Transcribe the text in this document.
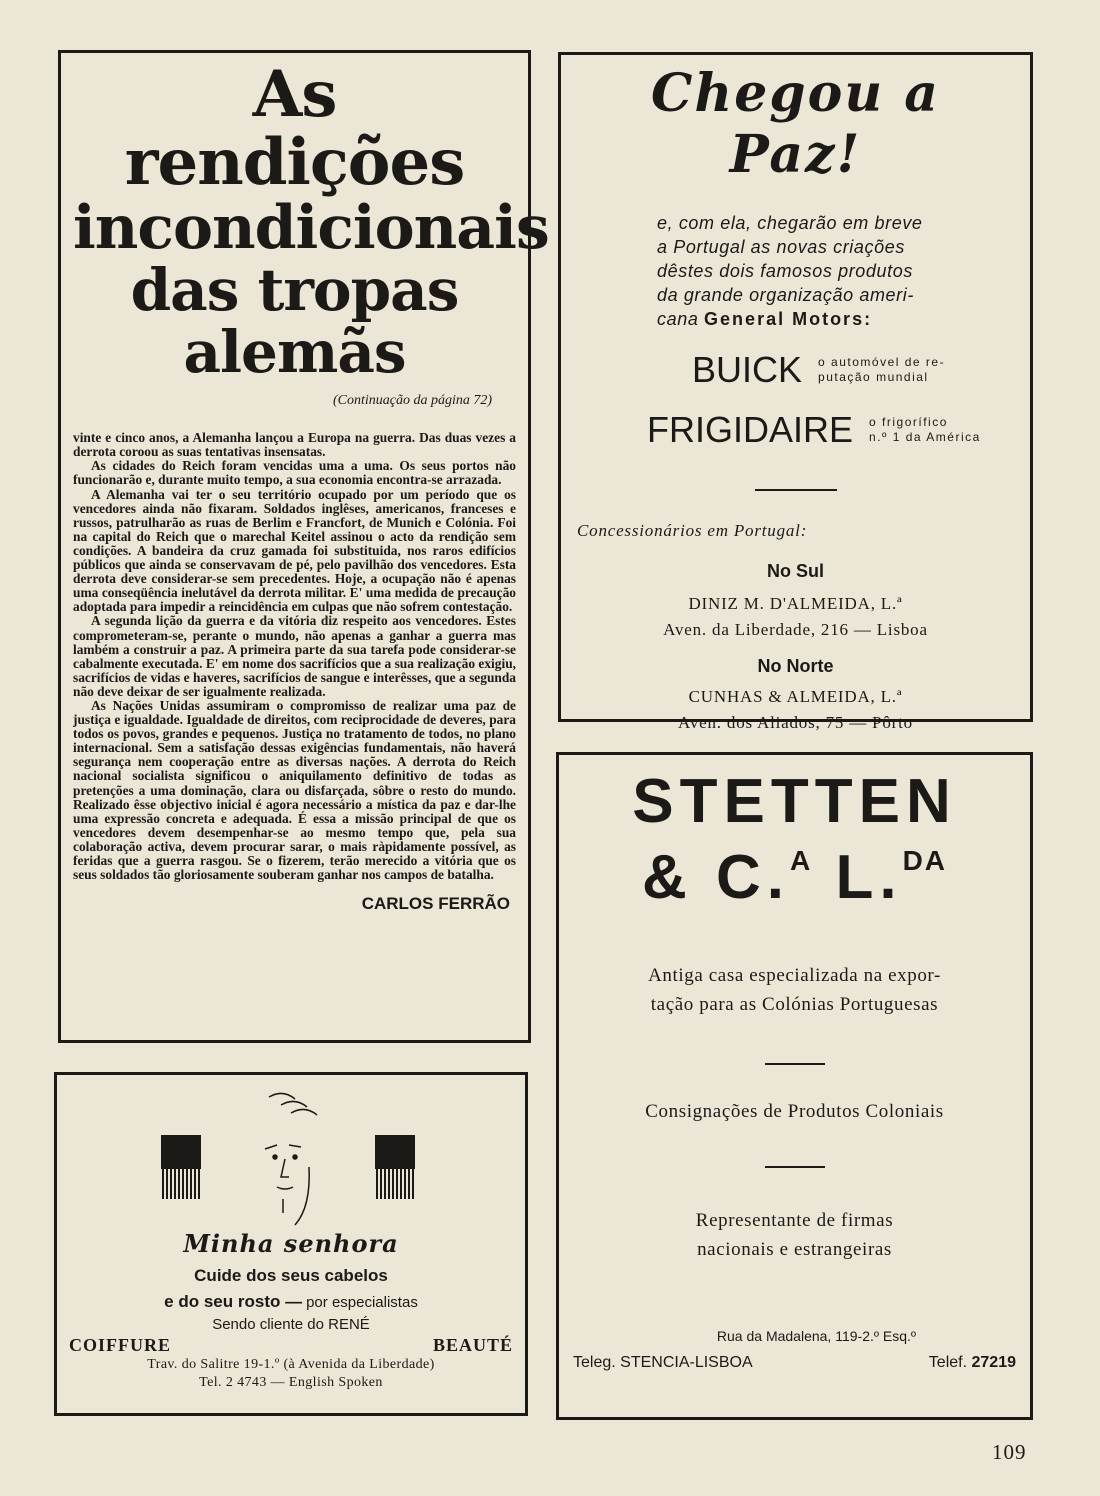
As rendições
incondicionais
das tropas alemãs
(Continuação da página 72)

vinte e cinco anos, a Alemanha lançou a Europa na guerra. Das duas vezes a derrota coroou as suas tentativas insensatas.

As cidades do Reich foram vencidas uma a uma. Os seus portos não funcionarão e, durante muito tempo, a sua economia encontra-se arrazada.

A Alemanha vai ter o seu território ocupado por um período que os vencedores ainda não fixaram. Soldados inglêses, americanos, franceses e russos, patrulharão as ruas de Berlim e Francfort, de Munich e Colónia. Foi na capital do Reich que o marechal Keitel assinou o acto da rendição sem condições. A bandeira da cruz gamada foi substituida, nos raros edifícios públicos que ainda se conservavam de pé, pelo pavilhão dos vencedores. Esta derrota deve considerar-se sem precedentes. Hoje, a ocupação não é apenas uma conseqüência inelutável da derrota militar. E' uma medida de precaução adoptada para impedir a reincidência em culpas que não sofrem contestação.

A segunda lição da guerra e da vitória diz respeito aos vencedores. Estes comprometeram-se, perante o mundo, não apenas a ganhar a guerra mas lambém a construir a paz. A primeira parte da sua tarefa pode considerar-se cabalmente executada. E' em nome dos sacrifícios que a sua realização exigiu, sacrifícios de vidas e haveres, sacrifícios de sangue e interêsses, que a segunda não deve deixar de ser igualmente realizada.

As Nações Unidas assumiram o compromisso de realizar uma paz de justiça e igualdade. Igualdade de direitos, com reciprocidade de deveres, para todos os povos, grandes e pequenos. Justiça no tratamento de todos, no plano internacional. Sem a satisfação dessas exigências fundamentais, não haverá segurança nem cooperação entre as diversas nações. A derrota do Reich nacional socialista significou o aniquilamento definitivo de todas as pretenções a uma dominação, clara ou disfarçada, sôbre o resto do mundo. Realizado êsse objectivo inicial é agora necessário a mística da paz e dar-lhe uma expressão concreta e adequada. É essa a missão principal de que os vencedores devem desempenhar-se ao mesmo tempo que, pela sua colaboração activa, devem procurar sarar, o mais ràpidamente possível, as feridas que a guerra rasgou. Se o fizerem, terão merecido a vitória que os seus soldados tão gloriosamente souberam ganhar nos campos de batalha.

CARLOS FERRÃO
Chegou a Paz!
e, com ela, chegarão em breve
a Portugal as novas criações
dêstes dois famosos produtos
da grande organização ameri-
cana General Motors:
BUICK o automóvel de re-
putação mundial
FRIGIDAIRE o frigorífico
n.º 1 da América
Concessionários em Portugal:
No Sul
DINIZ M. D'ALMEIDA, L.ª
Aven. da Liberdade, 216 — Lisboa
No Norte
CUNHAS & ALMEIDA, L.ª
Aven. dos Aliados, 75 — Pôrto
STETTEN
& C.$^A$ L.$^{DA}$
Antiga casa especializada na expor-
tação para as Colónias Portuguesas
Consignações de Produtos Coloniais
Representante de firmas
nacionais e estrangeiras
Rua da Madalena, 119-2.º Esq.º
Teleg. STENCIA-LISBOA	Telef. 27219
Minha senhora
Cuide dos seus cabelos
e do seu rosto — por especialistas
Sendo cliente do RENÉ
COIFFURE	BEAUTÉ
Trav. do Salitre 19-1.º (à Avenida da Liberdade)
Tel. 2 4743 — English Spoken
109
